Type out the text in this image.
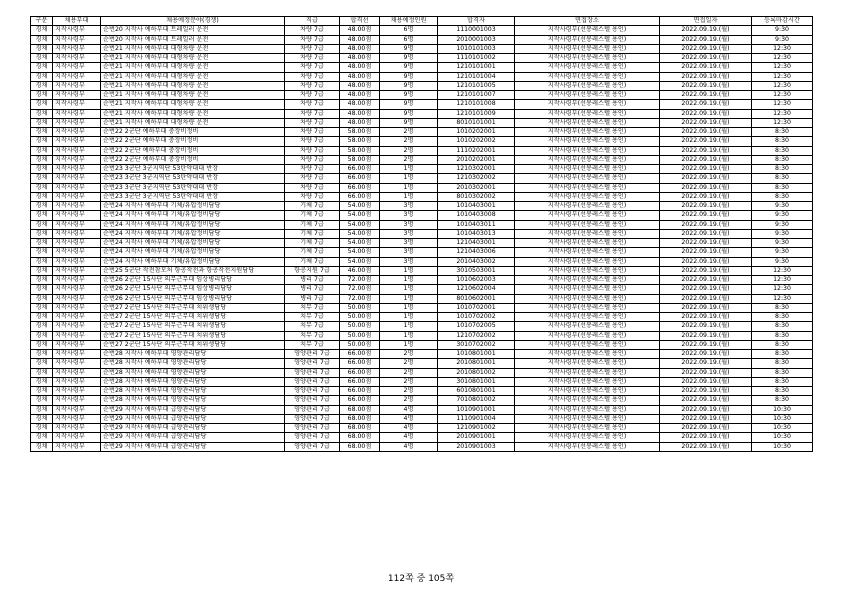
구분	채용부대	채용예정분야(경쟁)	직급	합격선	채용예정인원	합격자	면접장소	면접일자	등록마감시간
경채	지작사령부	순번20 지작사 예하부대 트레일러 운전	차량 7급	48.00점	6명	1110001003	지작사령부(선봉레스텔 용인)	2022.09.19.(월)	9:30
경채	지작사령부	순번20 지작사 예하부대 트레일러 운전	차량 7급	48.00점	6명	2010001003	지작사령부(선봉레스텔 용인)	2022.09.19.(월)	9:30
경채	지작사령부	순번21 지작사 예하부대 대형차량 운전	차량 7급	48.00점	9명	1010101003	지작사령부(선봉레스텔 용인)	2022.09.19.(월)	12:30
경채	지작사령부	순번21 지작사 예하부대 대형차량 운전	차량 7급	48.00점	9명	1110101002	지작사령부(선봉레스텔 용인)	2022.09.19.(월)	12:30
경채	지작사령부	순번21 지작사 예하부대 대형차량 운전	차량 7급	48.00점	9명	1210101001	지작사령부(선봉레스텔 용인)	2022.09.19.(월)	12:30
경채	지작사령부	순번21 지작사 예하부대 대형차량 운전	차량 7급	48.00점	9명	1210101004	지작사령부(선봉레스텔 용인)	2022.09.19.(월)	12:30
경채	지작사령부	순번21 지작사 예하부대 대형차량 운전	차량 7급	48.00점	9명	1210101005	지작사령부(선봉레스텔 용인)	2022.09.19.(월)	12:30
경채	지작사령부	순번21 지작사 예하부대 대형차량 운전	차량 7급	48.00점	9명	1210101007	지작사령부(선봉레스텔 용인)	2022.09.19.(월)	12:30
경채	지작사령부	순번21 지작사 예하부대 대형차량 운전	차량 7급	48.00점	9명	1210101008	지작사령부(선봉레스텔 용인)	2022.09.19.(월)	12:30
경채	지작사령부	순번21 지작사 예하부대 대형차량 운전	차량 7급	48.00점	9명	1210101009	지작사령부(선봉레스텔 용인)	2022.09.19.(월)	12:30
경채	지작사령부	순번21 지작사 예하부대 대형차량 운전	차량 7급	48.00점	9명	8010101001	지작사령부(선봉레스텔 용인)	2022.09.19.(월)	12:30
경채	지작사령부	순번22 2군단 예하부대 중장비정비	차량 7급	58.00점	2명	1010202001	지작사령부(선봉레스텔 용인)	2022.09.19.(월)	8:30
경채	지작사령부	순번22 2군단 예하부대 중장비정비	차량 7급	58.00점	2명	1010202002	지작사령부(선봉레스텔 용인)	2022.09.19.(월)	8:30
경채	지작사령부	순번22 2군단 예하부대 중장비정비	차량 7급	58.00점	2명	1110202001	지작사령부(선봉레스텔 용인)	2022.09.19.(월)	8:30
경채	지작사령부	순번22 2군단 예하부대 중장비정비	차량 7급	58.00점	2명	2010202001	지작사령부(선봉레스텔 용인)	2022.09.19.(월)	8:30
경채	지작사령부	순번23 3군단 3군지역단 53탄약대대 반장	차량 7급	66.00점	1명	1210302001	지작사령부(선봉레스텔 용인)	2022.09.19.(월)	8:30
경채	지작사령부	순번23 3군단 3군지역단 53탄약대대 반장	차량 7급	66.00점	1명	1210302002	지작사령부(선봉레스텔 용인)	2022.09.19.(월)	8:30
경채	지작사령부	순번23 3군단 3군지역단 53탄약대대 반장	차량 7급	66.00점	1명	2010302001	지작사령부(선봉레스텔 용인)	2022.09.19.(월)	8:30
경채	지작사령부	순번23 3군단 3군지역단 53탄약대대 반장	차량 7급	66.00점	1명	8010302002	지작사령부(선봉레스텔 용인)	2022.09.19.(월)	8:30
경채	지작사령부	순번24 지작사 예하부대 기체/유압정비담당	기체 7급	54.00점	3명	1010403001	지작사령부(선봉레스텔 용인)	2022.09.19.(월)	9:30
경채	지작사령부	순번24 지작사 예하부대 기체/유압정비담당	기체 7급	54.00점	3명	1010403008	지작사령부(선봉레스텔 용인)	2022.09.19.(월)	9:30
경채	지작사령부	순번24 지작사 예하부대 기체/유압정비담당	기체 7급	54.00점	3명	1010403011	지작사령부(선봉레스텔 용인)	2022.09.19.(월)	9:30
경채	지작사령부	순번24 지작사 예하부대 기체/유압정비담당	기체 7급	54.00점	3명	1010403013	지작사령부(선봉레스텔 용인)	2022.09.19.(월)	9:30
경채	지작사령부	순번24 지작사 예하부대 기체/유압정비담당	기체 7급	54.00점	3명	1210403001	지작사령부(선봉레스텔 용인)	2022.09.19.(월)	9:30
경채	지작사령부	순번24 지작사 예하부대 기체/유압정비담당	기체 7급	54.00점	3명	1210403006	지작사령부(선봉레스텔 용인)	2022.09.19.(월)	9:30
경채	지작사령부	순번24 지작사 예하부대 기체/유압정비담당	기체 7급	54.00점	3명	2010403002	지작사령부(선봉레스텔 용인)	2022.09.19.(월)	9:30
경채	지작사령부	순번25 5군단 작전참모처 항공작전과 항공작전지원담당	항공지원 7급	46.00점	1명	3010503001	지작사령부(선봉레스텔 용인)	2022.09.19.(월)	12:30
경채	지작사령부	순번26 2군단 15사단 의무근무대 임상병리담당	병리 7급	72.00점	1명	1010602003	지작사령부(선봉레스텔 용인)	2022.09.19.(월)	12:30
경채	지작사령부	순번26 2군단 15사단 의무근무대 임상병리담당	병리 7급	72.00점	1명	1210602004	지작사령부(선봉레스텔 용인)	2022.09.19.(월)	12:30
경채	지작사령부	순번26 2군단 15사단 의무근무대 임상병리담당	병리 7급	72.00점	1명	8010602001	지작사령부(선봉레스텔 용인)	2022.09.19.(월)	12:30
경채	지작사령부	순번27 2군단 15사단 의무근무대 치위생담당	치무 7급	50.00점	1명	1010702001	지작사령부(선봉레스텔 용인)	2022.09.19.(월)	8:30
경채	지작사령부	순번27 2군단 15사단 의무근무대 치위생담당	치무 7급	50.00점	1명	1010702002	지작사령부(선봉레스텔 용인)	2022.09.19.(월)	8:30
경채	지작사령부	순번27 2군단 15사단 의무근무대 치위생담당	치무 7급	50.00점	1명	1010702005	지작사령부(선봉레스텔 용인)	2022.09.19.(월)	8:30
경채	지작사령부	순번27 2군단 15사단 의무근무대 치위생담당	치무 7급	50.00점	1명	1210702002	지작사령부(선봉레스텔 용인)	2022.09.19.(월)	8:30
경채	지작사령부	순번27 2군단 15사단 의무근무대 치위생담당	치무 7급	50.00점	1명	3010702002	지작사령부(선봉레스텔 용인)	2022.09.19.(월)	8:30
경채	지작사령부	순번28 지작사 예하부대 영양관리담당	영양관리 7급	66.00점	2명	1010801001	지작사령부(선봉레스텔 용인)	2022.09.19.(월)	8:30
경채	지작사령부	순번28 지작사 예하부대 영양관리담당	영양관리 7급	66.00점	2명	2010801001	지작사령부(선봉레스텔 용인)	2022.09.19.(월)	8:30
경채	지작사령부	순번28 지작사 예하부대 영양관리담당	영양관리 7급	66.00점	2명	2010801002	지작사령부(선봉레스텔 용인)	2022.09.19.(월)	8:30
경채	지작사령부	순번28 지작사 예하부대 영양관리담당	영양관리 7급	66.00점	2명	3010801001	지작사령부(선봉레스텔 용인)	2022.09.19.(월)	8:30
경채	지작사령부	순번28 지작사 예하부대 영양관리담당	영양관리 7급	66.00점	2명	6010801001	지작사령부(선봉레스텔 용인)	2022.09.19.(월)	8:30
경채	지작사령부	순번28 지작사 예하부대 영양관리담당	영양관리 7급	66.00점	2명	7010801002	지작사령부(선봉레스텔 용인)	2022.09.19.(월)	8:30
경채	지작사령부	순번29 지작사 예하부대 급양관리담당	영양관리 7급	68.00점	4명	1010901001	지작사령부(선봉레스텔 용인)	2022.09.19.(월)	10:30
경채	지작사령부	순번29 지작사 예하부대 급양관리담당	영양관리 7급	68.00점	4명	1110901004	지작사령부(선봉레스텔 용인)	2022.09.19.(월)	10:30
경채	지작사령부	순번29 지작사 예하부대 급양관리담당	영양관리 7급	68.00점	4명	1210901002	지작사령부(선봉레스텔 용인)	2022.09.19.(월)	10:30
경채	지작사령부	순번29 지작사 예하부대 급양관리담당	영양관리 7급	68.00점	4명	2010901001	지작사령부(선봉레스텔 용인)	2022.09.19.(월)	10:30
경채	지작사령부	순번29 지작사 예하부대 급양관리담당	영양관리 7급	68.00점	4명	2010901003	지작사령부(선봉레스텔 용인)	2022.09.19.(월)	10:30
112쪽 중 105쪽
